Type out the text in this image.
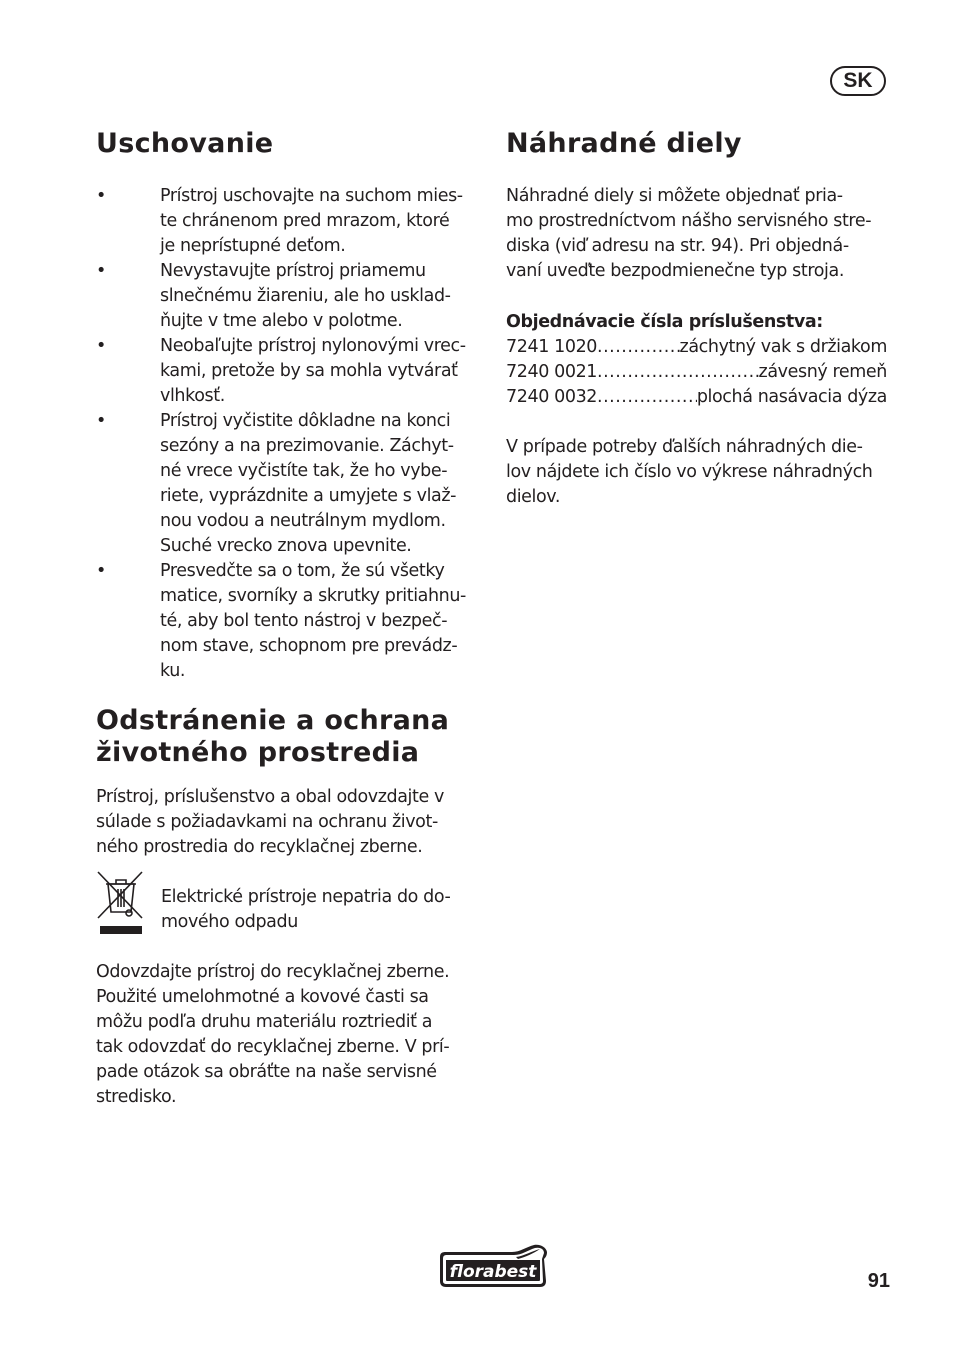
SK
Uschovanie
•	Prístroj uschovajte na suchom mies-
te chránenom pred mrazom, ktoré
je neprístupné deťom.
•	Nevystavujte prístroj priamemu
slnečnému žiareniu, ale ho usklad-
ňujte v tme alebo v polotme.
•	Neobaľujte prístroj nylonovými vrec-
kami, pretože by sa mohla vytvárať
vlhkosť.
•	Prístroj vyčistite dôkladne na konci
sezóny a na prezimovanie. Záchyt-
né vrece vyčistíte tak, že ho vybe-
riete, vyprázdnite a umyjete s vlaž-
nou vodou a neutrálnym mydlom.
Suché vrecko znova upevnite.
•	Presvedčte sa o tom, že sú všetky
matice, svorníky a skrutky pritiahnu-
té, aby bol tento nástroj v bezpeč-
nom stave, schopnom pre prevádz-
ku.
Odstránenie a ochrana
životného prostredia

Prístroj, príslušenstvo a obal odovzdajte v
súlade s požiadavkami na ochranu život-
ného prostredia do recyklačnej zberne.

Elektrické prístroje nepatria do do-
mového odpadu

Odovzdajte prístroj do recyklačnej zberne.
Použité umelohmotné a kovové časti sa
môžu podľa druhu materiálu roztriediť a
tak odovzdať do recyklačnej zberne. V prí-
pade otázok sa obráťte na naše servisné
stredisko.

Náhradné diely

Náhradné diely si môžete objednať pria-
mo prostredníctvom nášho servisného stre-
diska (viď adresu na str. 94). Pri objedná-
vaní uveďte bezpodmienečne typ stroja.

Objednávacie čísla príslušenstva:
7241 1020 .....	záchytný vak s držiakom
7240 0021 .....	závesný remeň
7240 0032 .....	plochá nasávacia dýza

V prípade potreby ďalších náhradných die-
lov nájdete ich číslo vo výkrese náhradných
dielov.

florabest	91
